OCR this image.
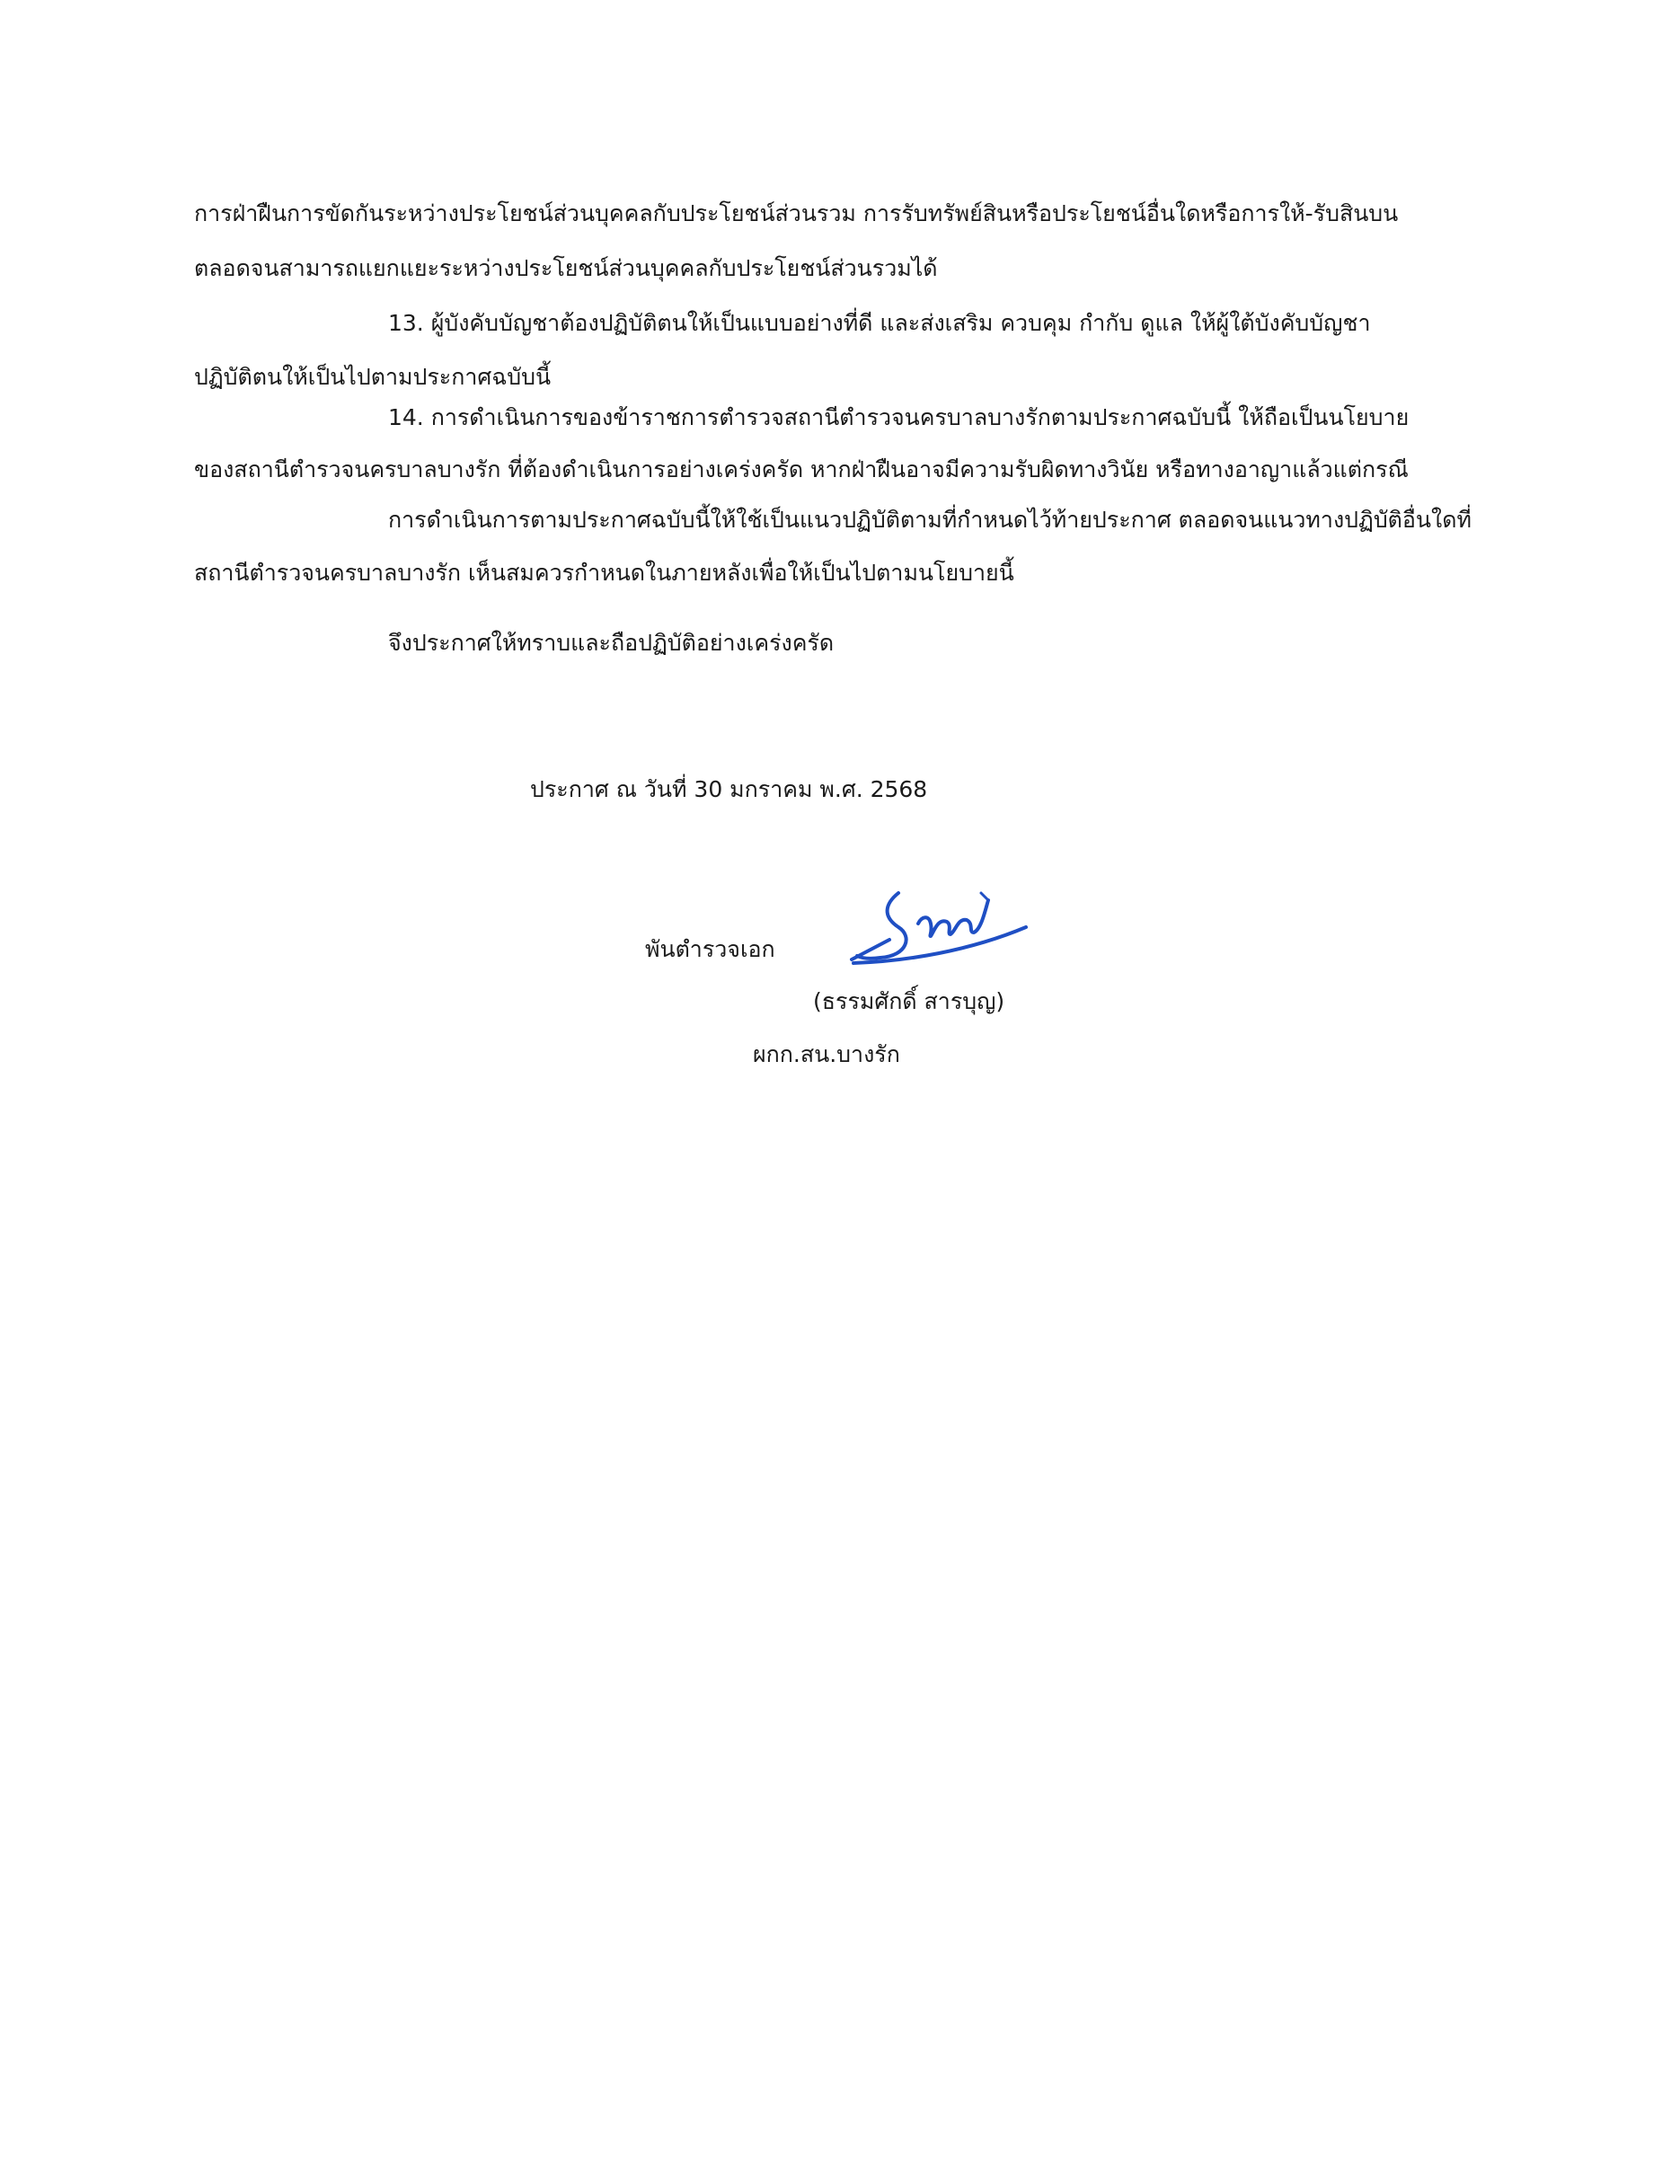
การฝ่าฝืนการขัดกันระหว่างประโยชน์ส่วนบุคคลกับประโยชน์ส่วนรวม การรับทรัพย์สินหรือประโยชน์อื่นใดหรือการให้-รับสินบน
ตลอดจนสามารถแยกแยะระหว่างประโยชน์ส่วนบุคคลกับประโยชน์ส่วนรวมได้
13. ผู้บังคับบัญชาต้องปฏิบัติตนให้เป็นแบบอย่างที่ดี และส่งเสริม ควบคุม กำกับ ดูแล ให้ผู้ใต้บังคับบัญชา
ปฏิบัติตนให้เป็นไปตามประกาศฉบับนี้
14. การดำเนินการของข้าราชการตำรวจสถานีตำรวจนครบาลบางรักตามประกาศฉบับนี้ ให้ถือเป็นนโยบาย
ของสถานีตำรวจนครบาลบางรัก ที่ต้องดำเนินการอย่างเคร่งครัด หากฝ่าฝืนอาจมีความรับผิดทางวินัย หรือทางอาญาแล้วแต่กรณี
การดำเนินการตามประกาศฉบับนี้ให้ใช้เป็นแนวปฏิบัติตามที่กำหนดไว้ท้ายประกาศ ตลอดจนแนวทางปฏิบัติอื่นใดที่
สถานีตำรวจนครบาลบางรัก เห็นสมควรกำหนดในภายหลังเพื่อให้เป็นไปตามนโยบายนี้
จึงประกาศให้ทราบและถือปฏิบัติอย่างเคร่งครัด
ประกาศ ณ วันที่ 30 มกราคม พ.ศ. 2568
พันตำรวจเอก
(ธรรมศักดิ์ สารบุญ)
ผกก.สน.บางรัก
